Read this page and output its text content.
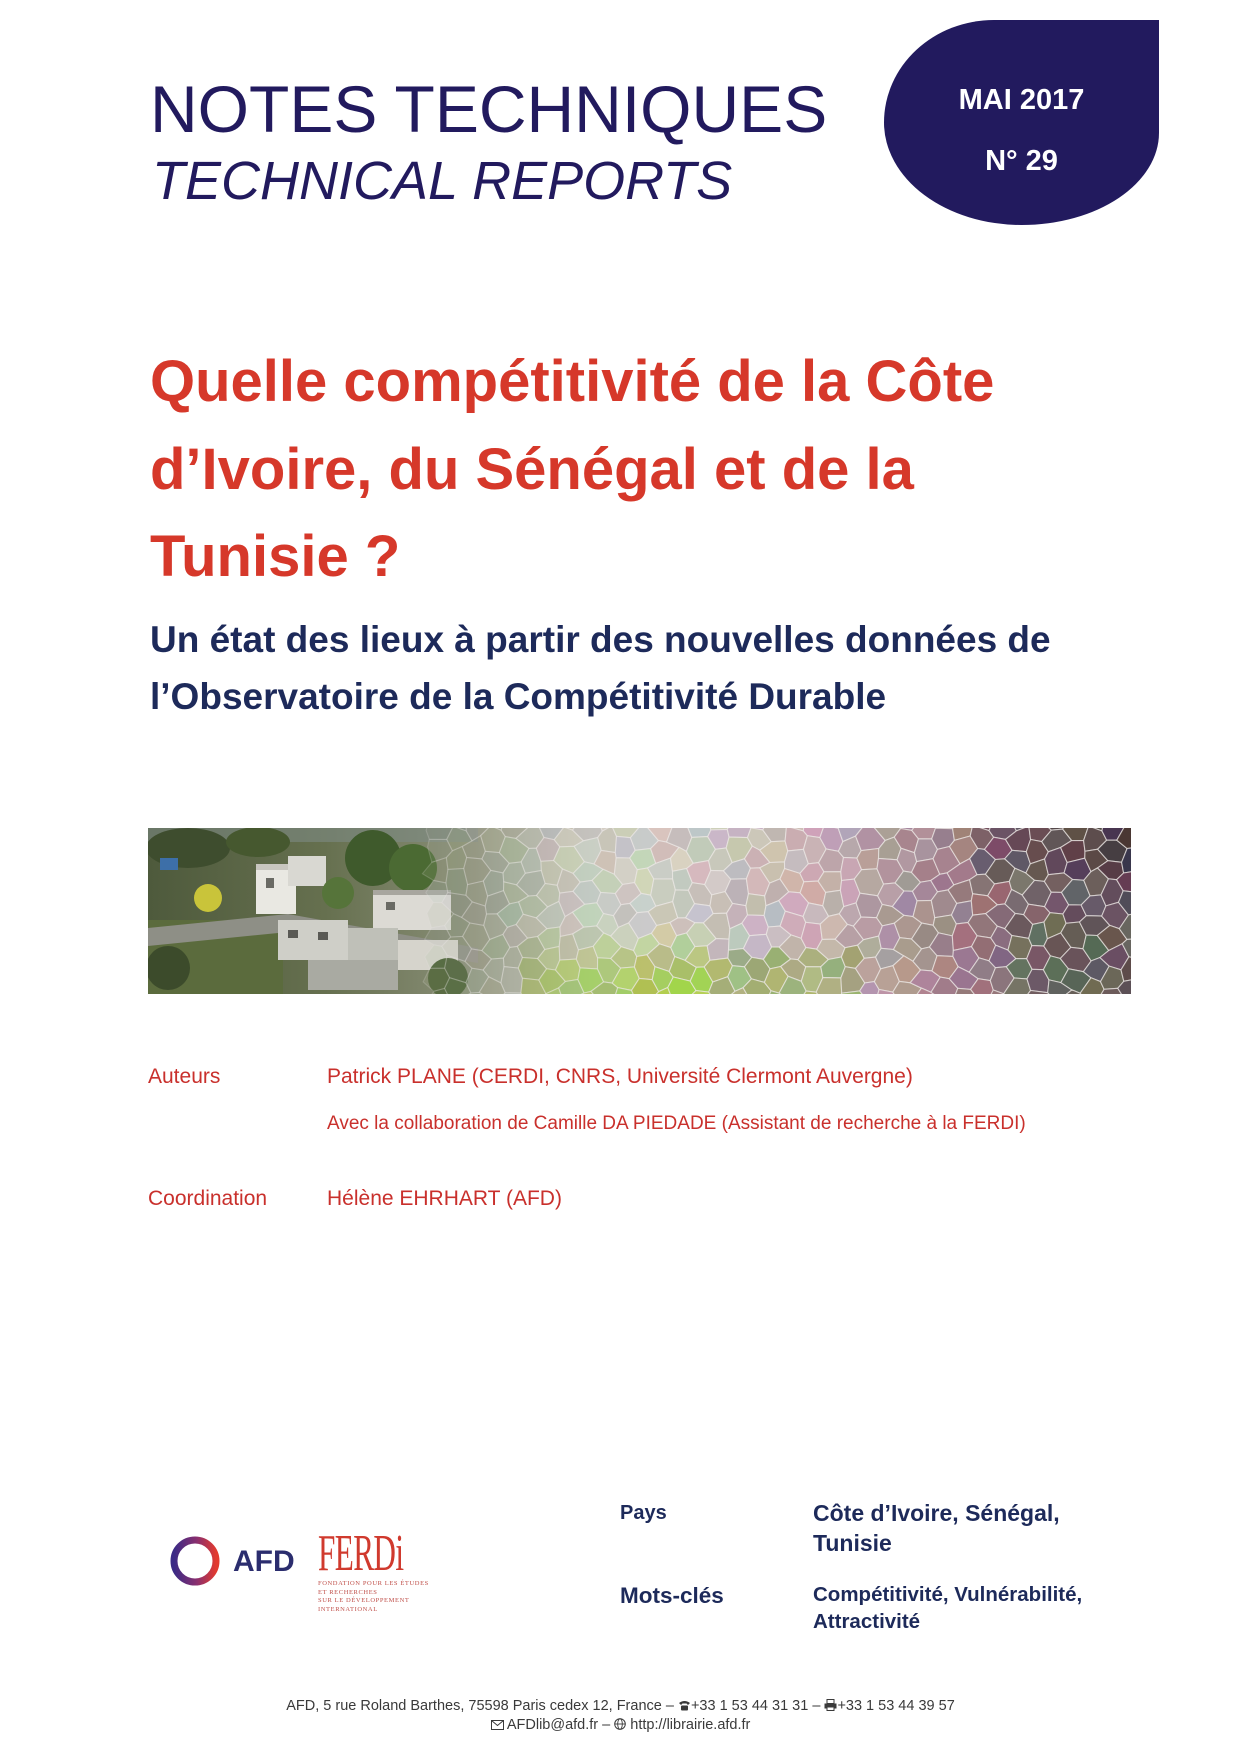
NOTES TECHNIQUES
TECHNICAL REPORTS
MAI 2017
N° 29
Quelle compétitivité de la Côte
d’Ivoire, du Sénégal et de la
Tunisie ?
Un état des lieux à partir des nouvelles données de
l’Observatoire de la Compétitivité Durable
Auteurs	Patrick PLANE (CERDI, CNRS, Université Clermont Auvergne)
Avec la collaboration de Camille DA PIEDADE (Assistant de recherche à la FERDI)
Coordination	Hélène EHRHART (AFD)
AFD FERDi
FONDATION POUR LES ÉTUDES
ET RECHERCHES
SUR LE DÉVELOPPEMENT
INTERNATIONAL
Pays	Côte d’Ivoire, Sénégal,
Tunisie
Mots-clés	Compétitivité, Vulnérabilité,
Attractivité
AFD, 5 rue Roland Barthes, 75598 Paris cedex 12, France – +33 1 53 44 31 31 – +33 1 53 44 39 57
AFDlib@afd.fr – http://librairie.afd.fr
